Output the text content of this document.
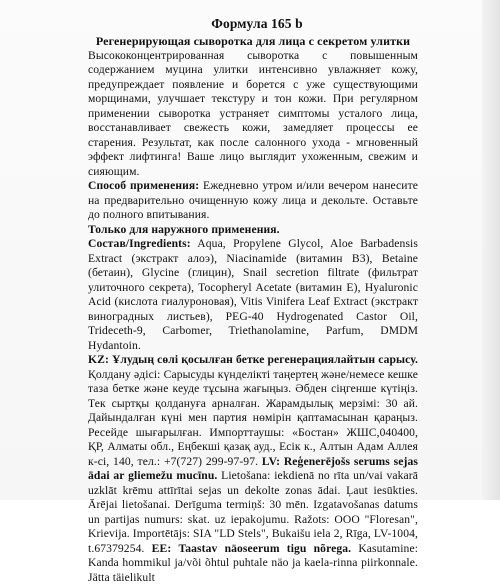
Формула 165 b
Регенерирующая сыворотка для лица с секретом улитки

Высококонцентрированная сыворотка с повышенным содержанием муцина улитки интенсивно увлажняет кожу, предупреждает появление и борется с уже существующими морщинами, улучшает текстуру и тон кожи. При регулярном применении сыворотка устраняет симптомы усталого лица, восстанавливает свежесть кожи, замедляет процессы ее старения. Результат, как после салонного ухода - мгновенный эффект лифтинга! Ваше лицо выглядит ухоженным, свежим и сияющим.

Способ применения: Ежедневно утром и/или вечером нанесите на предварительно очищенную кожу лица и декольте. Оставьте до полного впитывания.

Только для наружного применения.

Состав/Ingredients: Aqua, Propylene Glycol, Aloe Barbadensis Extract (экстракт алоэ), Niacinamide (витамин В3), Betaine (бетаин), Glycine (глицин), Snail secretion filtrate (фильтрат улиточного секрета), Tocopheryl Acetate (витамин Е), Hyaluronic Acid (кислота гиалуроновая), Vitis Vinifera Leaf Extract (экстракт виноградных листьев), PEG-40 Hydrogenated Castor Oil, Trideceth-9, Carbomer, Triethanolamine, Parfum, DMDM Hydantoin.

KZ: Ұлудың сөлі қосылған бетке регенерациялайтын сарысу. Қолдану әдісі: Сарысуды күнделікті таңертең және/немесе кешке таза бетке және кеуде тұсына жағыңыз. Әбден сіңгенше күтіңіз. Тек сыртқы қолдануға арналған. Жарамдылық мерзімі: 30 ай. Дайындалған күні мен партия нөмірін қаптамасынан қараңыз. Ресейде шығарылған. Импорттаушы: «Бостан» ЖШС,040400, ҚР, Алматы обл., Еңбекші қазақ ауд., Есік к., Алтын Адам Аллея к-сі, 140, тел.: +7(727) 299-97-97. LV: Reģenerējošs serums sejas ādai ar gliemežu mucīnu. Lietošana: iekdienā no rīta un/vai vakarā uzklāt krēmu attīrītai sejas un dekolte zonas ādai. Ļaut iesūkties. Ārējai lietošanai. Derīguma termiņš: 30 mēn. Izgatavošanas datums un partijas numurs: skat. uz iepakojumu. Ražots: OOO "Floresan", Krievija. Importētājs: SIA "LD Stels", Bukaišu iela 2, Rīga, LV-1004, t.67379254. EE: Taastav näoseerum tigu nõrega. Kasutamine: Kanda hommikul ja/või õhtul puhtale näo ja kaela-rinna piirkonnale. Jätta täielikult
